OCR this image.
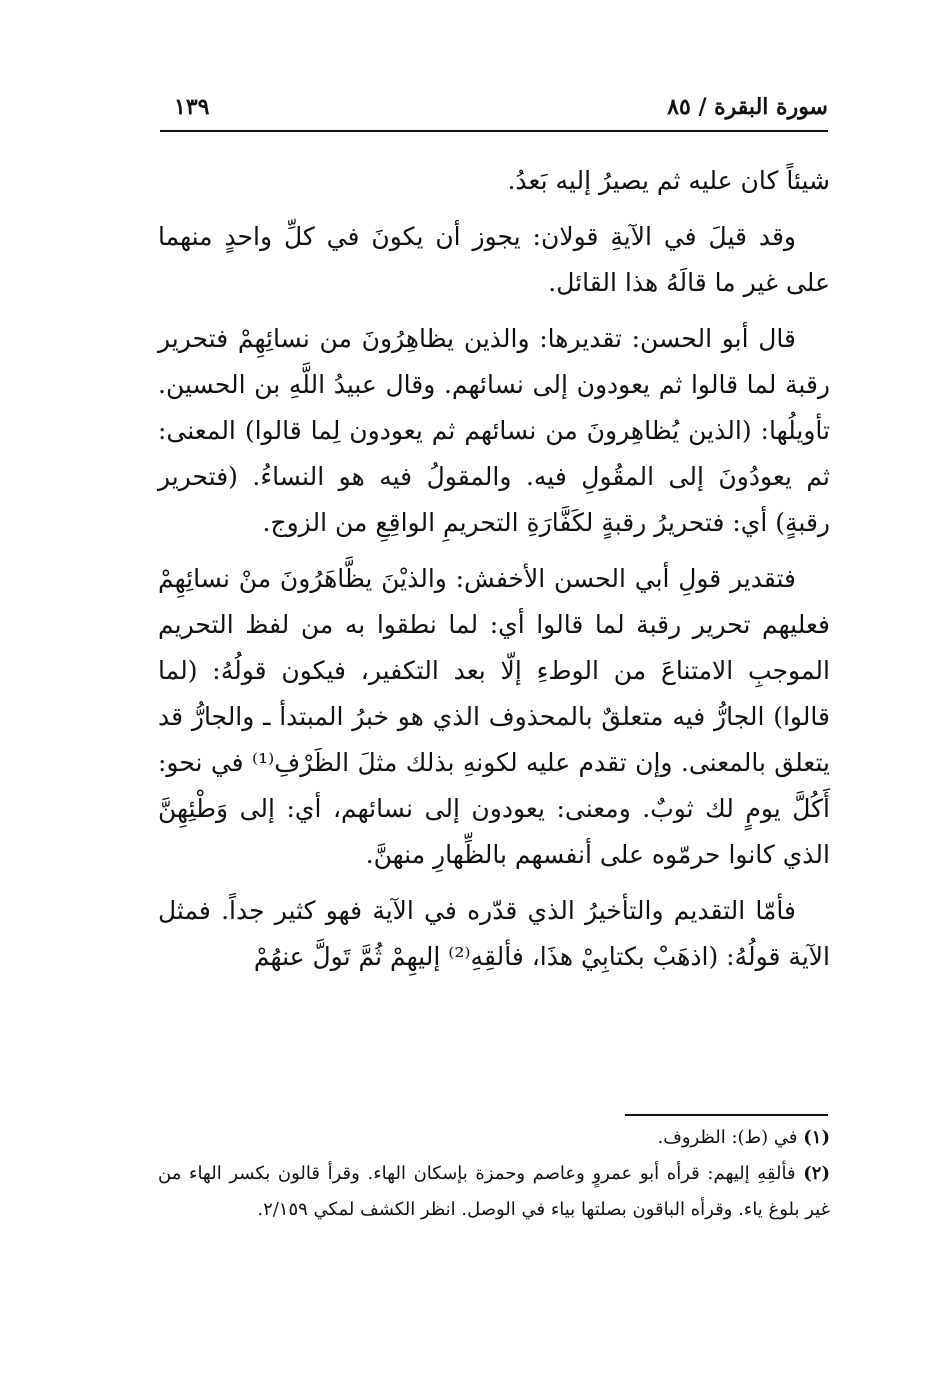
سورة البقرة / ٨٥
١٣٩

شيئاً كان عليه ثم يصيرُ إليه بَعدُ.

وقد قيلَ في الآيةِ قولان: يجوز أن يكونَ في كلِّ واحدٍ منهما على غير ما قالَهُ هذا القائل.

قال أبو الحسن: تقديرها: والذين يظاهِرُونَ من نسائِهِمْ فتحرير رقبة لما قالوا ثم يعودون إلى نسائهم. وقال عبيدُ اللَّهِ بن الحسين. تأويلُها: (الذين يُظاهِرونَ من نسائهم ثم يعودون لِما قالوا) المعنى: ثم يعودُونَ إلى المقُولِ فيه. والمقولُ فيه هو النساءُ. (فتحرير رقبةٍ) أي: فتحريرُ رقبةٍ لكَفَّارَةِ التحريمِ الواقِعِ من الزوج.

فتقدير قولِ أبي الحسن الأخفش: والذيْنَ يظَّاهَرُونَ منْ نسائِهِمْ فعليهم تحرير رقبة لما قالوا أي: لما نطقوا به من لفظ التحريم الموجبِ الامتناعَ من الوطءِ إلّا بعد التكفير، فيكون قولُهُ: (لما قالوا) الجارُّ فيه متعلقٌ بالمحذوف الذي هو خبرُ المبتدأ ـ والجارُّ قد يتعلق بالمعنى. وإن تقدم عليه لكونهِ بذلك مثلَ الظَرْفِ⁽¹⁾ في نحو: أَكُلَّ يومٍ لك ثوبٌ. ومعنى: يعودون إلى نسائهم، أي: إلى وَطْئِهِنَّ الذي كانوا حرمّوه على أنفسهم بالظِّهارِ منهنَّ.

فأمّا التقديم والتأخيرُ الذي قدّره في الآية فهو كثير جداً. فمثل الآية قولُهُ: (اذهَبْ بكتابِيْ هذَا، فألقِهِ⁽²⁾ إليهِمْ ثُمَّ تَولَّ عنهُمْ

(١) في (ط): الظروف.

(٢) فألقِهِ إليهم: قرأه أبو عمروٍ وعاصم وحمزة بإسكان الهاء. وقرأ قالون بكسر الهاء من غير بلوغ ياء. وقرأه الباقون بصلتها بياء في الوصل. انظر الكشف لمكي ٢/١٥٩.
